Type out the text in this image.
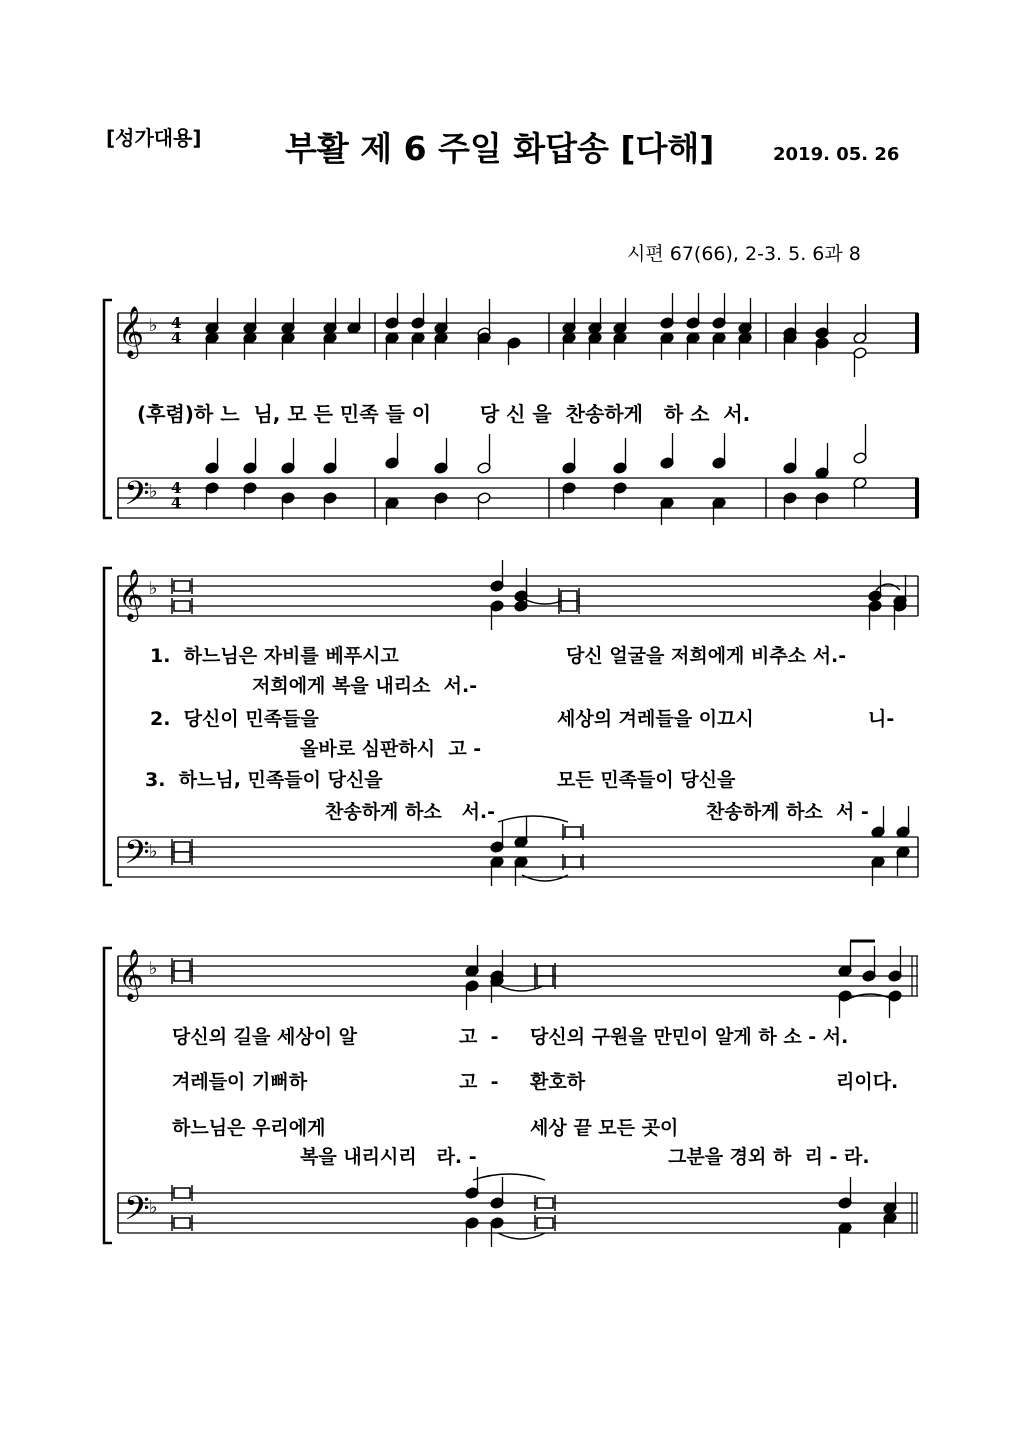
[성가대용]	부활 제 6 주일 화답송 [다해]	2019. 05. 26
시편 67(66), 2-3. 5. 6과 8
(후렴)하 느  님, 모 든 민족 들 이       당 신 을  찬송하게   하 소  서.
1.  하느님은 자비를 베푸시고	당신 얼굴을 저희에게 비추소 서.-
저희에게 복을 내리소  서.-
2.  당신이 민족들을	세상의 겨레들을 이끄시	니-
올바로 심판하시  고 -
3.  하느님, 민족들이 당신을	모든 민족들이 당신을
찬송하게 하소   서.-	찬송하게 하소  서 -
당신의 길을 세상이 알	고  - 당신의 구원을 만민이 알게 하 소 - 서.
겨레들이 기뻐하	고  - 환호하	리이다.
하느님은 우리에게	세상 끝 모든 곳이
복을 내리시리   라. -	그분을 경외 하  리 - 라.
𝄞 ♭ 4
4
𝄢 ♭ 4
4
𝄞 ♭
𝄢 ♭
𝄞 ♭
𝄢 ♭
